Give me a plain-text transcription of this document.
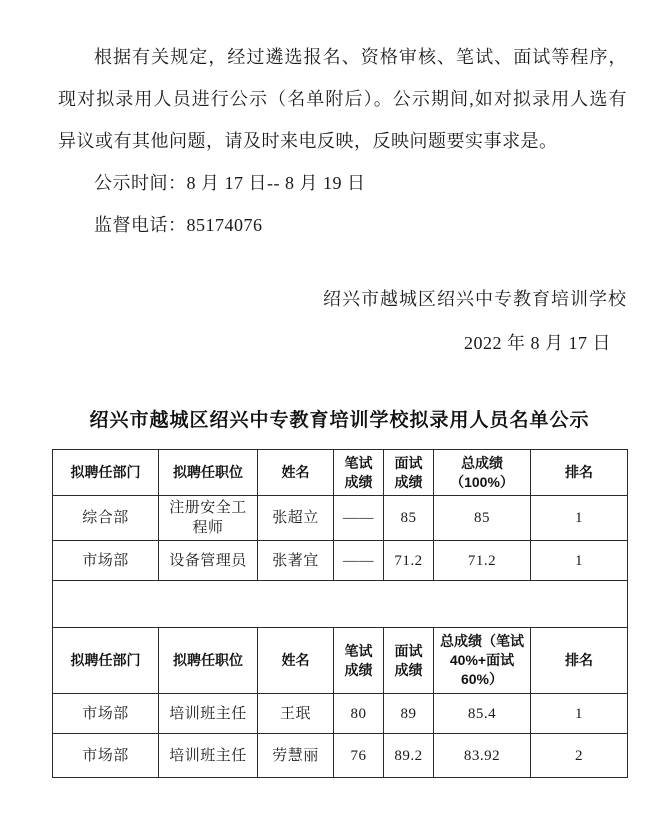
根据有关规定，经过遴选报名、资格审核、笔试、面试等程序，现对拟录用人员进行公示（名单附后）。公示期间,如对拟录用人选有异议或有其他问题，请及时来电反映，反映问题要实事求是。

公示时间：8 月 17 日-- 8 月 19 日

监督电话：85174076

绍兴市越城区绍兴中专教育培训学校

2022 年 8 月 17 日

绍兴市越城区绍兴中专教育培训学校拟录用人员名单公示
拟聘任部门	拟聘任职位	姓名	笔试成绩	面试成绩	总成绩（100%）	排名
综合部	注册安全工程师	张超立	——	85	85	1
市场部	设备管理员	张著宜	——	71.2	71.2	1

拟聘任部门	拟聘任职位	姓名	笔试成绩	面试成绩	总成绩（笔试 40%+面试 60%）	排名
市场部	培训班主任	王珉	80	89	85.4	1
市场部	培训班主任	劳慧丽	76	89.2	83.92	2
